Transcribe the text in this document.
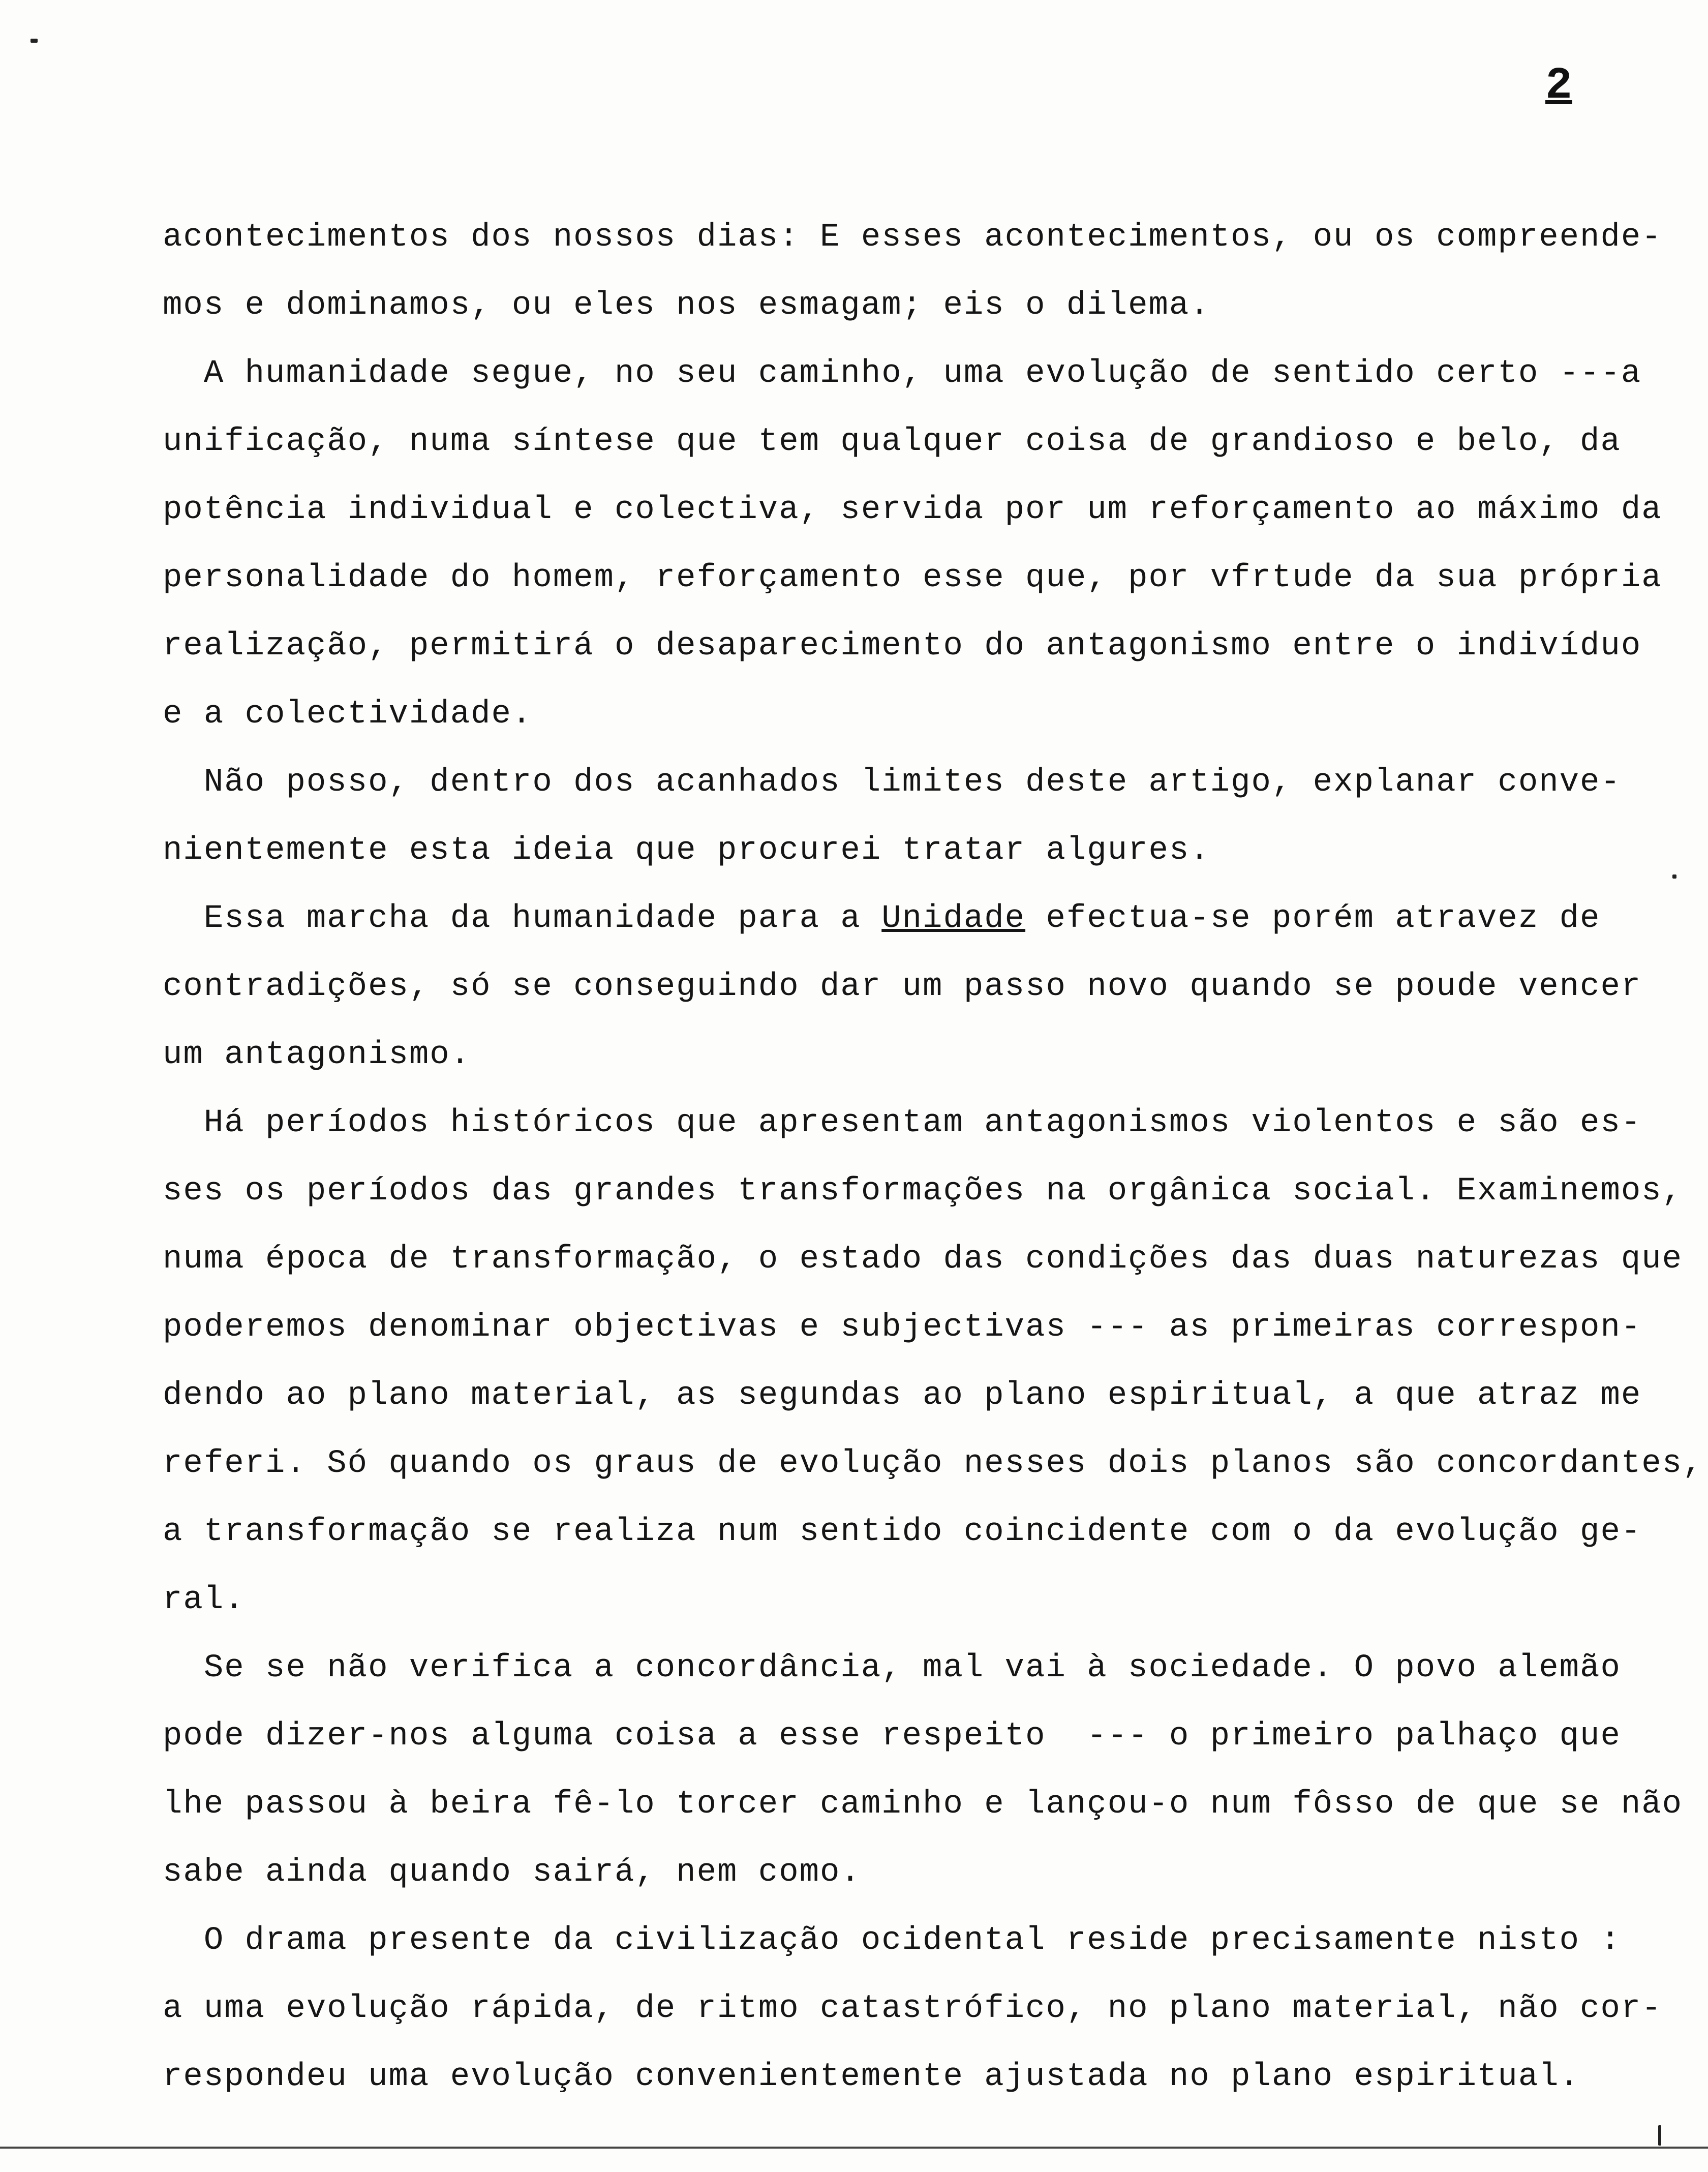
2
acontecimentos dos nossos dias: E esses acontecimentos, ou os compreende-
mos e dominamos, ou eles nos esmagam; eis o dilema.
A humanidade segue, no seu caminho, uma evolução de sentido certo ---a
unificação, numa síntese que tem qualquer coisa de grandioso e belo, da
potência individual e colectiva, servida por um reforçamento ao máximo da
personalidade do homem, reforçamento esse que, por vfrtude da sua própria
realização, permitirá o desaparecimento do antagonismo entre o indivíduo
e a colectividade.
Não posso, dentro dos acanhados limites deste artigo, explanar conve-
nientemente esta ideia que procurei tratar algures.
Essa marcha da humanidade para a Unidade efectua-se porém atravez de
contradições, só se conseguindo dar um passo novo quando se poude vencer
um antagonismo.
Há períodos históricos que apresentam antagonismos violentos e são es-
ses os períodos das grandes transformações na orgânica social. Examinemos,
numa época de transformação, o estado das condições das duas naturezas que
poderemos denominar objectivas e subjectivas --- as primeiras correspon-
dendo ao plano material, as segundas ao plano espiritual, a que atraz me
referi. Só quando os graus de evolução nesses dois planos são concordantes,
a transformação se realiza num sentido coincidente com o da evolução ge-
ral.
Se se não verifica a concordância, mal vai à sociedade. O povo alemão
pode dizer-nos alguma coisa a esse respeito  --- o primeiro palhaço que
lhe passou à beira fê-lo torcer caminho e lançou-o num fôsso de que se não
sabe ainda quando sairá, nem como.
O drama presente da civilização ocidental reside precisamente nisto :
a uma evolução rápida, de ritmo catastrófico, no plano material, não cor-
respondeu uma evolução convenientemente ajustada no plano espiritual.
